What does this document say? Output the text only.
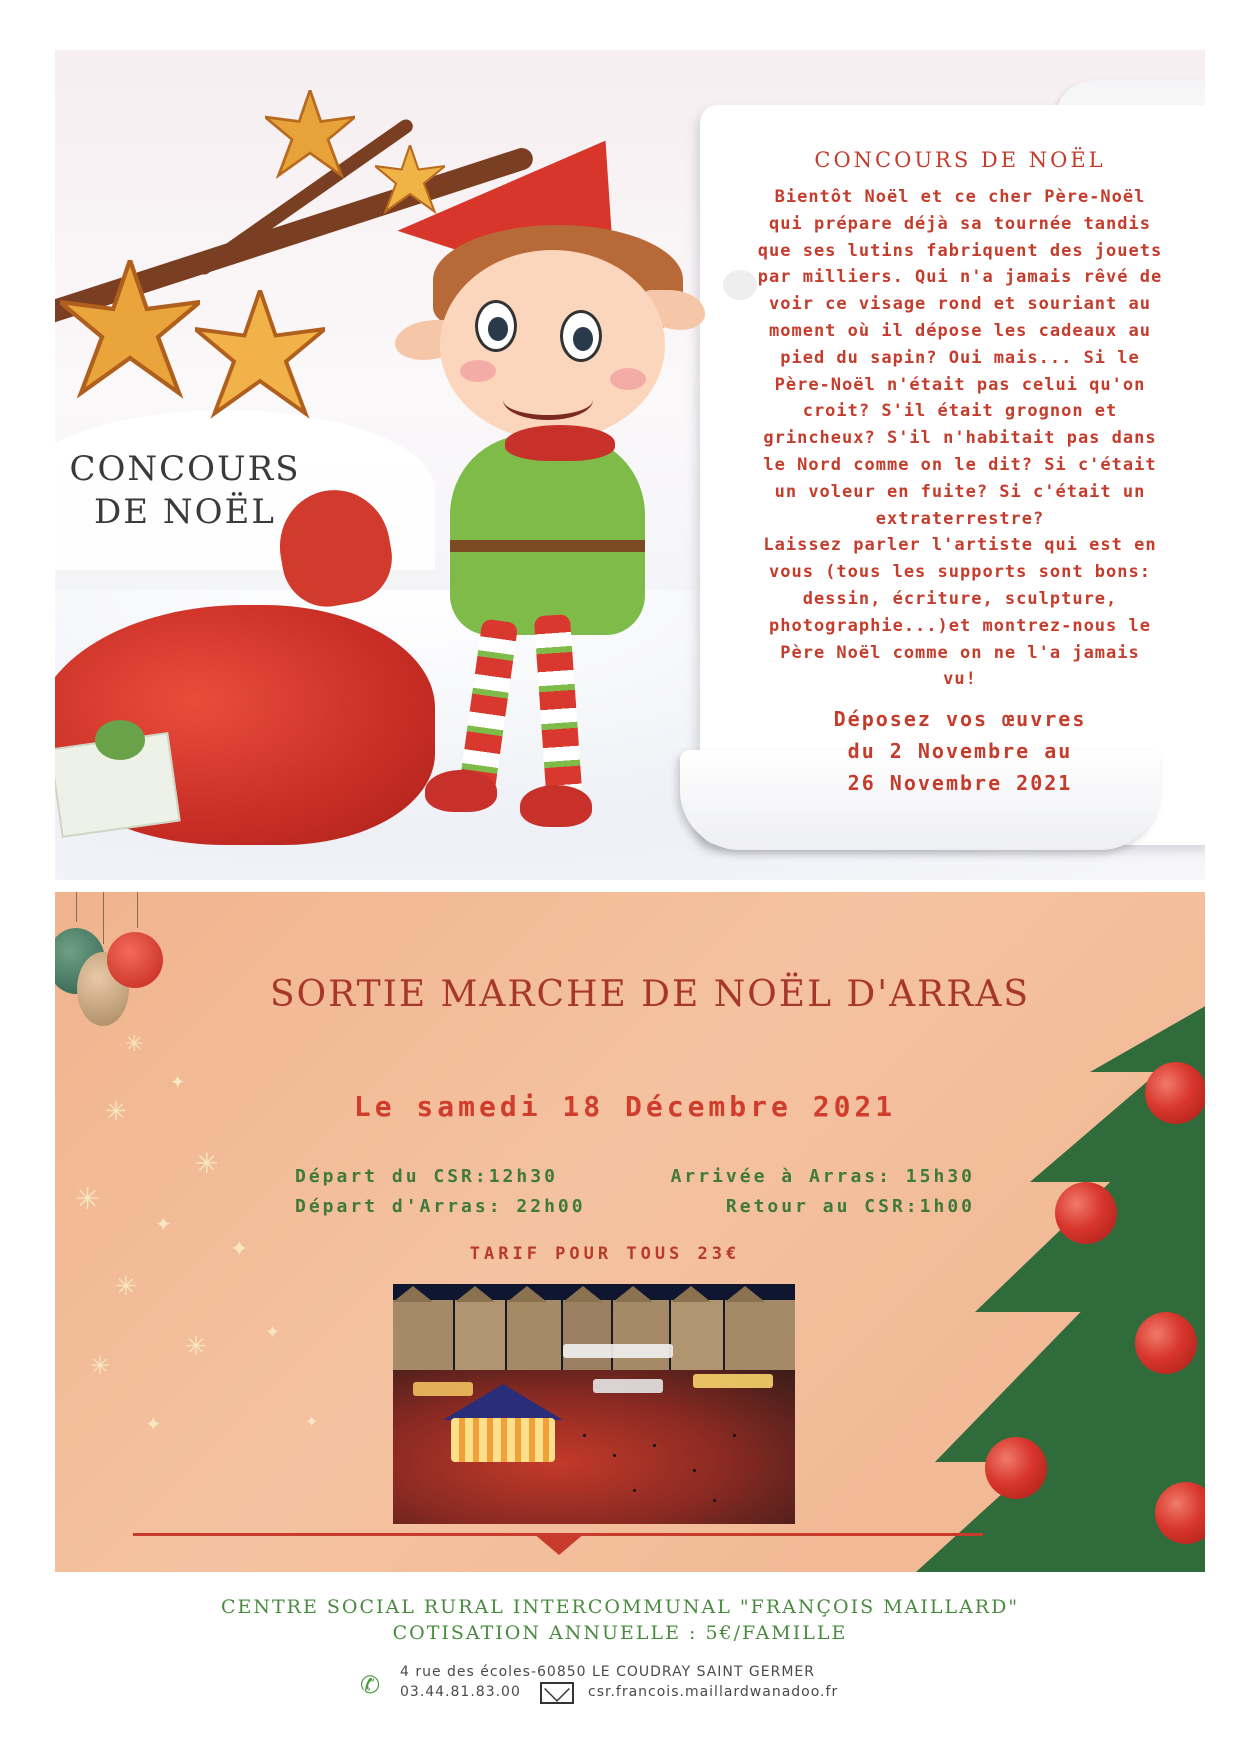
CONCOURS
DE NOËL
CONCOURS DE NOËL
Bientôt Noël et ce cher Père-Noël
qui prépare déjà sa tournée tandis
que ses lutins fabriquent des jouets
par milliers. Qui n'a jamais rêvé de
voir ce visage rond et souriant au
moment où il dépose les cadeaux au
pied du sapin? Oui mais... Si le
Père-Noël n'était pas celui qu'on
croit? S'il était grognon et
grincheux? S'il n'habitait pas dans
le Nord comme on le dit? Si c'était
un voleur en fuite? Si c'était un
extraterrestre?
Laissez parler l'artiste qui est en
vous (tous les supports sont bons:
dessin, écriture, sculpture,
photographie...)et montrez-nous le
Père Noël comme on ne l'a jamais
vu!
Déposez vos œuvres
du 2 Novembre au
26 Novembre 2021
✳
✳
✦
✳
✳
✦
✳
✦
✳
✳
✦
✦
✦
SORTIE MARCHE DE NOËL D'ARRAS
Le samedi 18 Décembre 2021
Départ du CSR:12h30	Arrivée à Arras: 15h30
Départ d'Arras: 22h00	Retour au CSR:1h00
TARIF POUR TOUS 23€
CENTRE SOCIAL RURAL INTERCOMMUNAL "FRANÇOIS MAILLARD"
COTISATION ANNUELLE : 5€/FAMILLE
✆	4 rue des écoles-60850 LE COUDRAY SAINT GERMER
03.44.81.83.00	csr.francois.maillardwanadoo.fr
